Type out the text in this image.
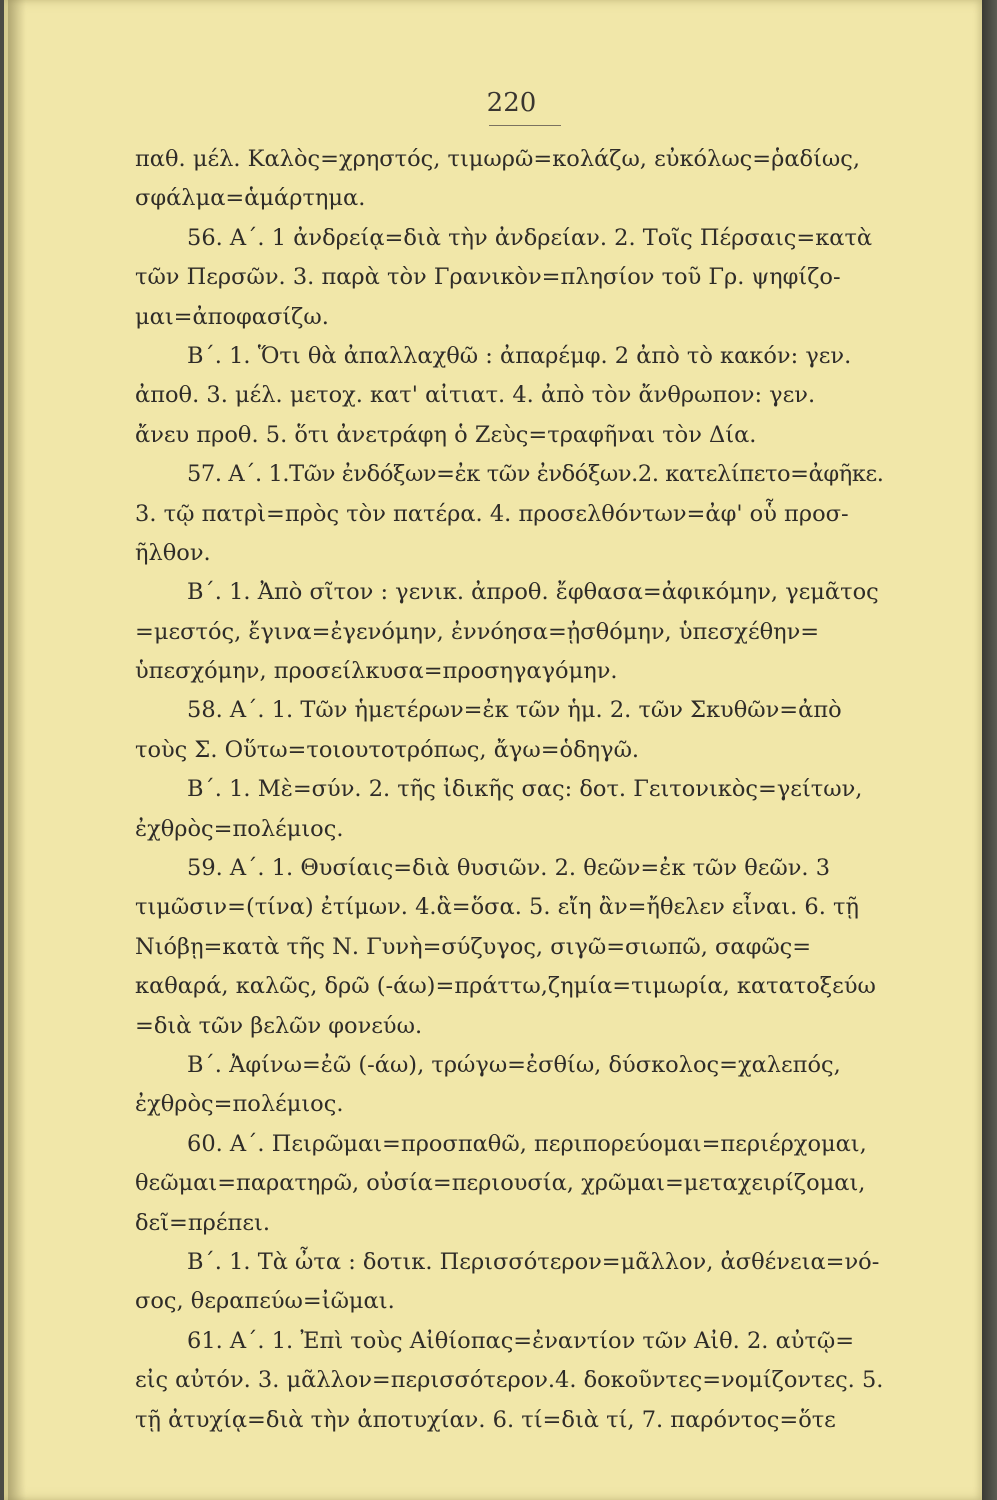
220
παθ. μέλ. Καλὸς=χρηστός, τιμωρῶ=κολάζω, εὐκόλως=ῥαδίως,
σφάλμα=ἁμάρτημα.
56. Α΄. 1 ἀνδρείᾳ=διὰ τὴν ἀνδρείαν. 2. Τοῖς Πέρσαις=κατὰ
τῶν Περσῶν. 3. παρὰ τὸν Γρανικὸν=πλησίον τοῦ Γρ. ψηφίζο-
μαι=ἀποφασίζω.
Β΄. 1. Ὅτι θὰ ἀπαλλαχθῶ : ἀπαρέμφ. 2 ἀπὸ τὸ κακόν: γεν.
ἀποθ. 3. μέλ. μετοχ. κατ' αἰτιατ. 4. ἀπὸ τὸν ἄνθρωπον: γεν.
ἄνευ προθ. 5. ὅτι ἀνετράφη ὁ Ζεὺς=τραφῆναι τὸν Δία.
57. Α΄. 1.Τῶν ἐνδόξων=ἐκ τῶν ἐνδόξων.2. κατελίπετο=ἀφῆκε.
3. τῷ πατρὶ=πρὸς τὸν πατέρα. 4. προσελθόντων=ἀφ' οὗ προσ-
ῆλθον.
Β΄. 1. Ἀπὸ σῖτον : γενικ. ἀπροθ. ἔφθασα=ἀφικόμην, γεμᾶτος
=μεστός, ἔγινα=ἐγενόμην, ἐννόησα=ᾐσθόμην, ὑπεσχέθην=
ὑπεσχόμην, προσείλκυσα=προσηγαγόμην.
58. Α΄. 1. Τῶν ἡμετέρων=ἐκ τῶν ἡμ. 2. τῶν Σκυθῶν=ἀπὸ
τοὺς Σ. Οὕτω=τοιουτοτρόπως, ἄγω=ὁδηγῶ.
Β΄. 1. Μὲ=σύν. 2. τῆς ἰδικῆς σας: δοτ. Γειτονικὸς=γείτων,
ἐχθρὸς=πολέμιος.
59. Α΄. 1. Θυσίαις=διὰ θυσιῶν. 2. θεῶν=ἐκ τῶν θεῶν. 3
τιμῶσιν=(τίνα) ἐτίμων. 4.ἃ=ὅσα. 5. εἴη ἂν=ἤθελεν εἶναι. 6. τῇ
Νιόβῃ=κατὰ τῆς Ν. Γυνὴ=σύζυγος, σιγῶ=σιωπῶ, σαφῶς=
καθαρά, καλῶς, δρῶ (-άω)=πράττω,ζημία=τιμωρία, κατατοξεύω
=διὰ τῶν βελῶν φονεύω.
Β΄. Ἀφίνω=ἐῶ (-άω), τρώγω=ἐσθίω, δύσκολος=χαλεπός,
ἐχθρὸς=πολέμιος.
60. Α΄. Πειρῶμαι=προσπαθῶ, περιπορεύομαι=περιέρχομαι,
θεῶμαι=παρατηρῶ, οὐσία=περιουσία, χρῶμαι=μεταχειρίζομαι,
δεῖ=πρέπει.
Β΄. 1. Τὰ ὦτα : δοτικ. Περισσότερον=μᾶλλον, ἀσθένεια=νό-
σος, θεραπεύω=ἰῶμαι.
61. Α΄. 1. Ἐπὶ τοὺς Αἰθίοπας=ἐναντίον τῶν Αἰθ. 2. αὐτῷ=
εἰς αὐτόν. 3. μᾶλλον=περισσότερον.4. δοκοῦντες=νομίζοντες. 5.
τῇ ἀτυχίᾳ=διὰ τὴν ἀποτυχίαν. 6. τί=διὰ τί, 7. παρόντος=ὅτε
